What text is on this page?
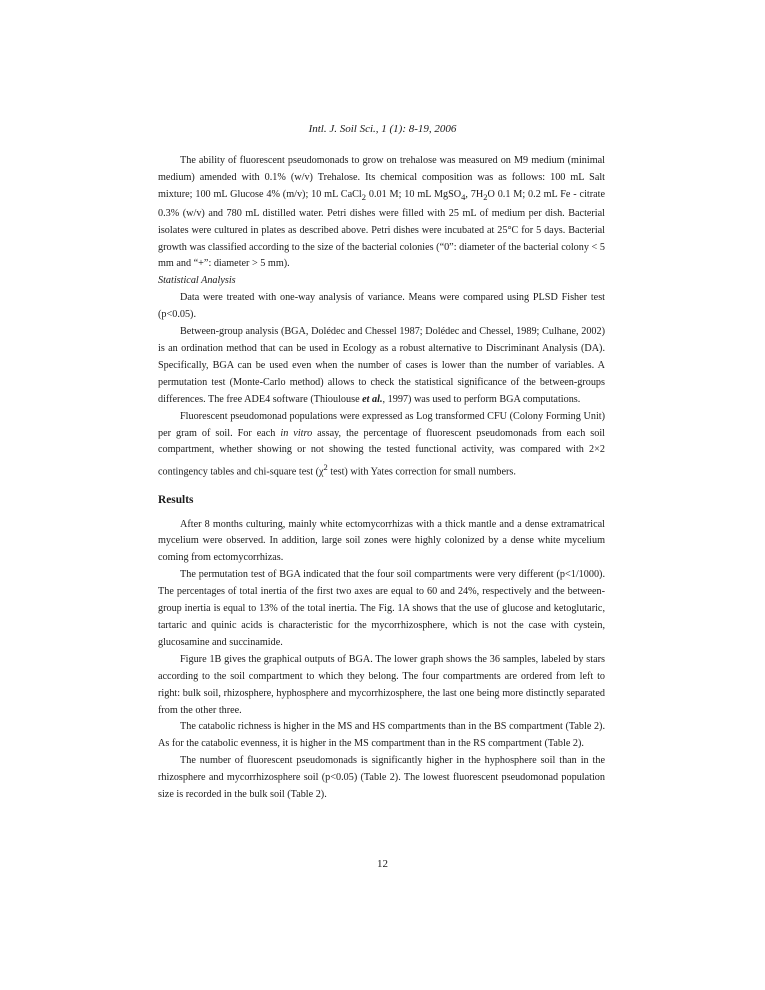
Intl. J. Soil Sci., 1 (1): 8-19, 2006

The ability of fluorescent pseudomonads to grow on trehalose was measured on M9 medium (minimal medium) amended with 0.1% (w/v) Trehalose. Its chemical composition was as follows: 100 mL Salt mixture; 100 mL Glucose 4% (m/v); 10 mL CaCl$_2$ 0.01 M; 10 mL MgSO$_4$, $7H_2O$ 0.1 M; 0.2 mL Fe - citrate 0.3% (w/v) and 780 mL distilled water. Petri dishes were filled with 25 mL of medium per dish. Bacterial isolates were cultured in plates as described above. Petri dishes were incubated at 25°C for 5 days. Bacterial growth was classified according to the size of the bacterial colonies (“0”: diameter of the bacterial colony < 5 mm and “+”: diameter > 5 mm).

Statistical Analysis

Data were treated with one-way analysis of variance. Means were compared using PLSD Fisher test (p<0.05).

Between-group analysis (BGA, Dolédec and Chessel 1987; Dolédec and Chessel, 1989; Culhane, 2002) is an ordination method that can be used in Ecology as a robust alternative to Discriminant Analysis (DA). Specifically, BGA can be used even when the number of cases is lower than the number of variables. A permutation test (Monte-Carlo method) allows to check the statistical significance of the between-groups differences. The free ADE4 software (Thioulouse et al., 1997) was used to perform BGA computations.

Fluorescent pseudomonad populations were expressed as Log transformed CFU (Colony Forming Unit) per gram of soil. For each in vitro assay, the percentage of fluorescent pseudomonads from each soil compartment, whether showing or not showing the tested functional activity, was compared with 2×2 contingency tables and chi-square test ($\chi^2$ test) with Yates correction for small numbers.

Results

After 8 months culturing, mainly white ectomycorrhizas with a thick mantle and a dense extramatrical mycelium were observed. In addition, large soil zones were highly colonized by a dense white mycelium coming from ectomycorrhizas.

The permutation test of BGA indicated that the four soil compartments were very different (p<1/1000). The percentages of total inertia of the first two axes are equal to 60 and 24%, respectively and the between-group inertia is equal to 13% of the total inertia. The Fig. 1A shows that the use of glucose and ketoglutaric, tartaric and quinic acids is characteristic for the mycorrhizosphere, which is not the case with cystein, glucosamine and succinamide.

Figure 1B gives the graphical outputs of BGA. The lower graph shows the 36 samples, labeled by stars according to the soil compartment to which they belong. The four compartments are ordered from left to right: bulk soil, rhizosphere, hyphosphere and mycorrhizosphere, the last one being more distinctly separated from the other three.

The catabolic richness is higher in the MS and HS compartments than in the BS compartment (Table 2). As for the catabolic evenness, it is higher in the MS compartment than in the RS compartment (Table 2).

The number of fluorescent pseudomonads is significantly higher in the hyphosphere soil than in the rhizosphere and mycorrhizosphere soil (p<0.05) (Table 2). The lowest fluorescent pseudomonad population size is recorded in the bulk soil (Table 2).

12
